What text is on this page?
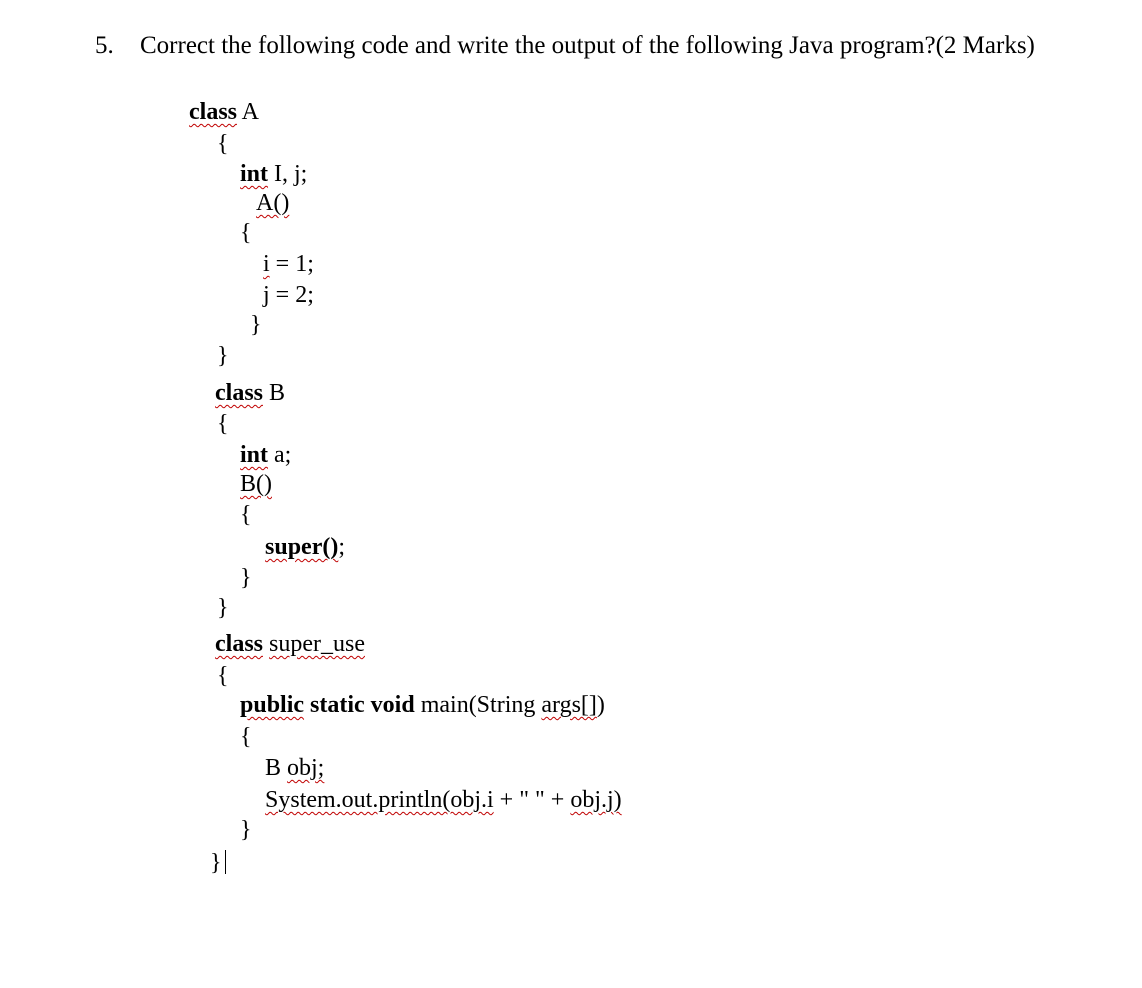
5. Correct the following code and write the output of the following Java program?(2 Marks)
class A
{
int I, j;
A()
{
i = 1;
j = 2;
}
}
class B
{
int a;
B()
{
super();
}
}
class super_use
{
public static void main(String args[])
{
B obj;
System.out.println(obj.i + " " + obj.j)
}
}
